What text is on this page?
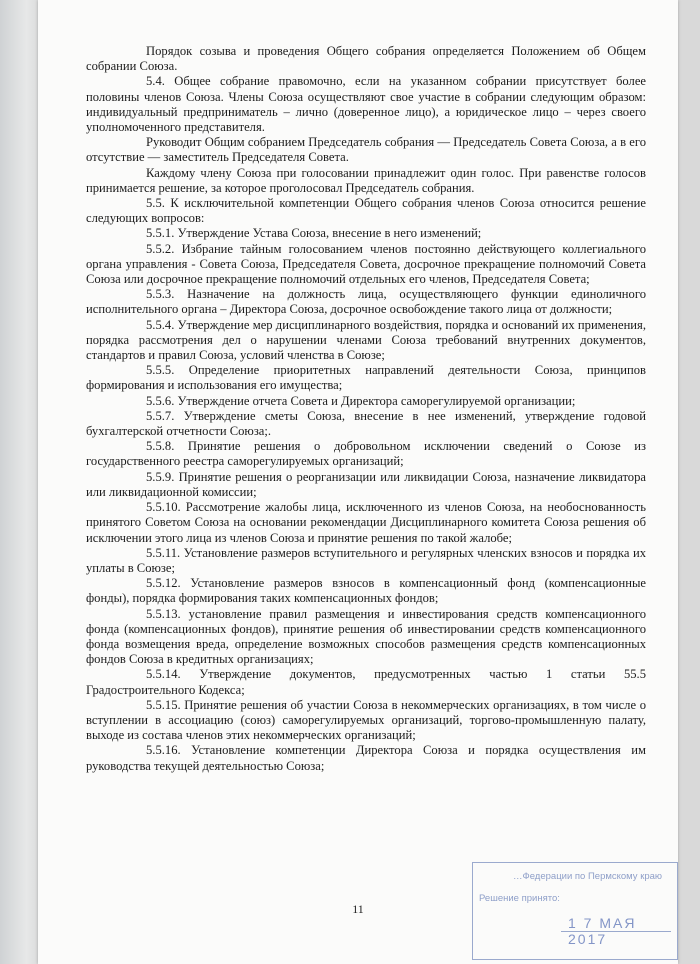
Порядок созыва и проведения Общего собрания определяется Положением об Общем собрании Союза.

5.4. Общее собрание правомочно, если на указанном собрании присутствует более половины членов Союза. Члены Союза осуществляют свое участие в собрании следующим образом: индивидуальный предприниматель – лично (доверенное лицо), а юридическое лицо – через своего уполномоченного представителя.

Руководит Общим собранием Председатель собрания — Председатель Совета Союза, а в его отсутствие — заместитель Председателя Совета.

Каждому члену Союза при голосовании принадлежит один голос. При равенстве голосов принимается решение, за которое проголосовал Председатель собрания.

5.5. К исключительной компетенции Общего собрания членов Союза относится решение следующих вопросов:

5.5.1. Утверждение Устава Союза, внесение в него изменений;

5.5.2. Избрание тайным голосованием членов постоянно действующего коллегиального органа управления - Совета Союза, Председателя Совета, досрочное прекращение полномочий Совета Союза или досрочное прекращение полномочий отдельных его членов, Председателя Совета;

5.5.3. Назначение на должность лица, осуществляющего функции единоличного исполнительного органа – Директора Союза, досрочное освобождение такого лица от должности;

5.5.4. Утверждение мер дисциплинарного воздействия, порядка и оснований их применения, порядка рассмотрения дел о нарушении членами Союза требований внутренних документов, стандартов и правил Союза, условий членства в Союзе;

5.5.5. Определение приоритетных направлений деятельности Союза, принципов формирования и использования его имущества;

5.5.6. Утверждение отчета Совета и Директора саморегулируемой организации;

5.5.7. Утверждение сметы Союза, внесение в нее изменений, утверждение годовой бухгалтерской отчетности Союза;.

5.5.8. Принятие решения о добровольном исключении сведений о Союзе из государственного реестра саморегулируемых организаций;

5.5.9. Принятие решения о реорганизации или ликвидации Союза, назначение ликвидатора или ликвидационной комиссии;

5.5.10. Рассмотрение жалобы лица, исключенного из членов Союза, на необоснованность принятого Советом Союза на основании рекомендации Дисциплинарного комитета Союза решения об исключении этого лица из членов Союза и принятие решения по такой жалобе;

5.5.11. Установление размеров вступительного и регулярных членских взносов и порядка их уплаты в Союзе;

5.5.12. Установление размеров взносов в компенсационный фонд (компенсационные фонды), порядка формирования таких компенсационных фондов;

5.5.13. установление правил размещения и инвестирования средств компенсационного фонда (компенсационных фондов), принятие решения об инвестировании средств компенсационного фонда возмещения вреда, определение возможных способов размещения средств компенсационных фондов Союза в кредитных организациях;

5.5.14. Утверждение документов, предусмотренных частью 1 статьи 55.5 Градостроительного Кодекса;

5.5.15. Принятие решения об участии Союза в некоммерческих организациях, в том числе о вступлении в ассоциацию (союз) саморегулируемых организаций, торгово-промышленную палату, выходе из состава членов этих некоммерческих организаций;

5.5.16. Установление компетенции Директора Союза и порядка осуществления им руководства текущей деятельностью Союза;

11
…Федерации по Пермскому краю
Решение принято:
1 7 МАЯ 2017
